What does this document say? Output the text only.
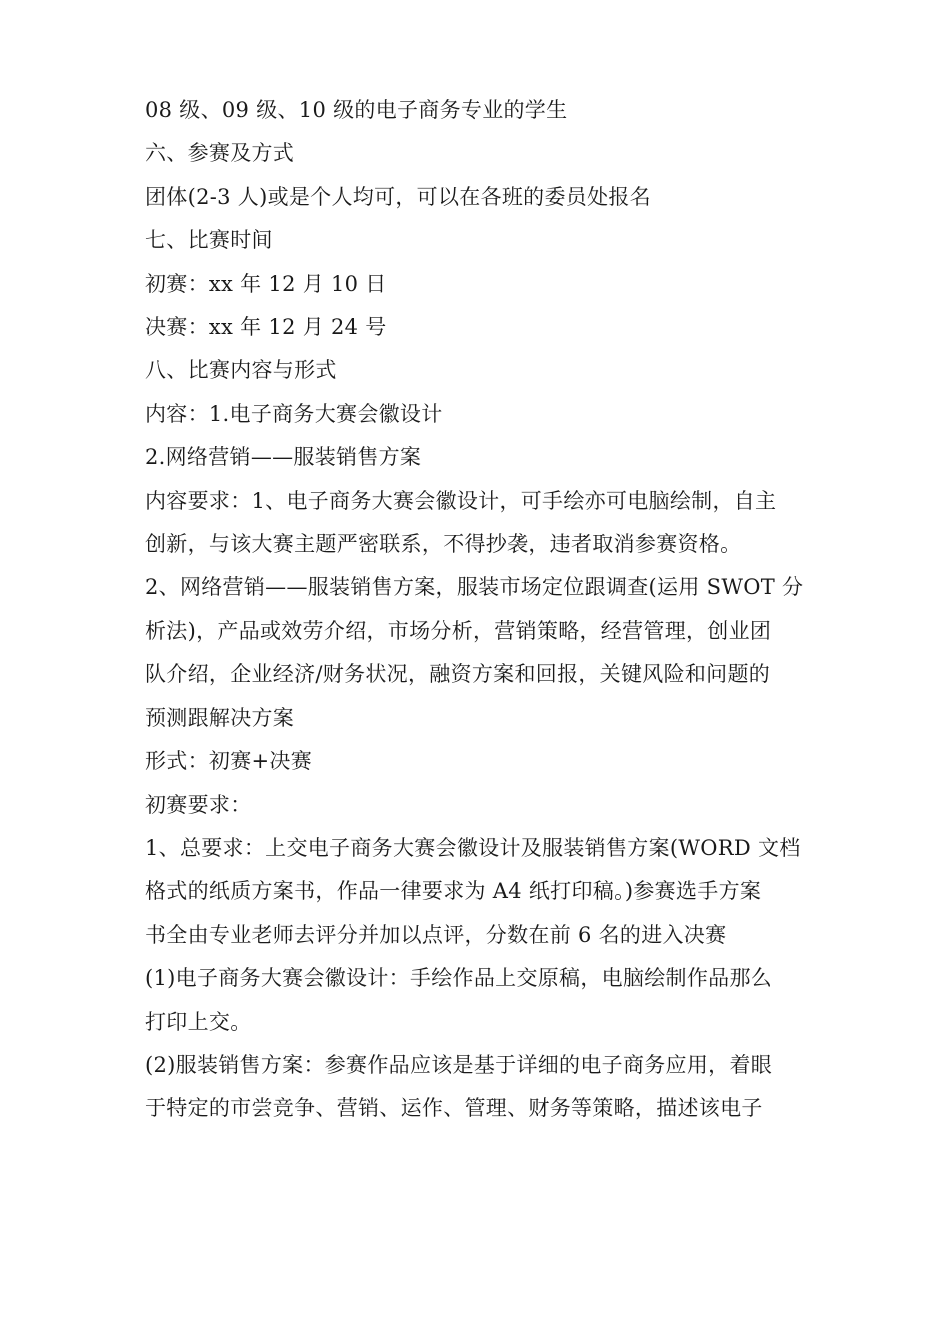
08 级、09 级、10 级的电子商务专业的学生

六、参赛及方式

团体(2-3 人)或是个人均可，可以在各班的委员处报名

七、比赛时间

初赛：xx 年 12 月 10 日

决赛：xx 年 12 月 24 号

八、比赛内容与形式

内容：1.电子商务大赛会徽设计

2.网络营销——服装销售方案

内容要求：1、电子商务大赛会徽设计，可手绘亦可电脑绘制，自主

创新，与该大赛主题严密联系，不得抄袭，违者取消参赛资格。

2、网络营销——服装销售方案，服装市场定位跟调查(运用 SWOT 分

析法)，产品或效劳介绍，市场分析，营销策略，经营管理，创业团

队介绍，企业经济/财务状况，融资方案和回报，关键风险和问题的

预测跟解决方案

形式：初赛+决赛

初赛要求：

1、总要求：上交电子商务大赛会徽设计及服装销售方案(WORD 文档

格式的纸质方案书，作品一律要求为 A4 纸打印稿。)参赛选手方案

书全由专业老师去评分并加以点评，分数在前 6 名的进入决赛

(1)电子商务大赛会徽设计：手绘作品上交原稿，电脑绘制作品那么

打印上交。

(2)服装销售方案：参赛作品应该是基于详细的电子商务应用，着眼

于特定的市尝竞争、营销、运作、管理、财务等策略，描述该电子
